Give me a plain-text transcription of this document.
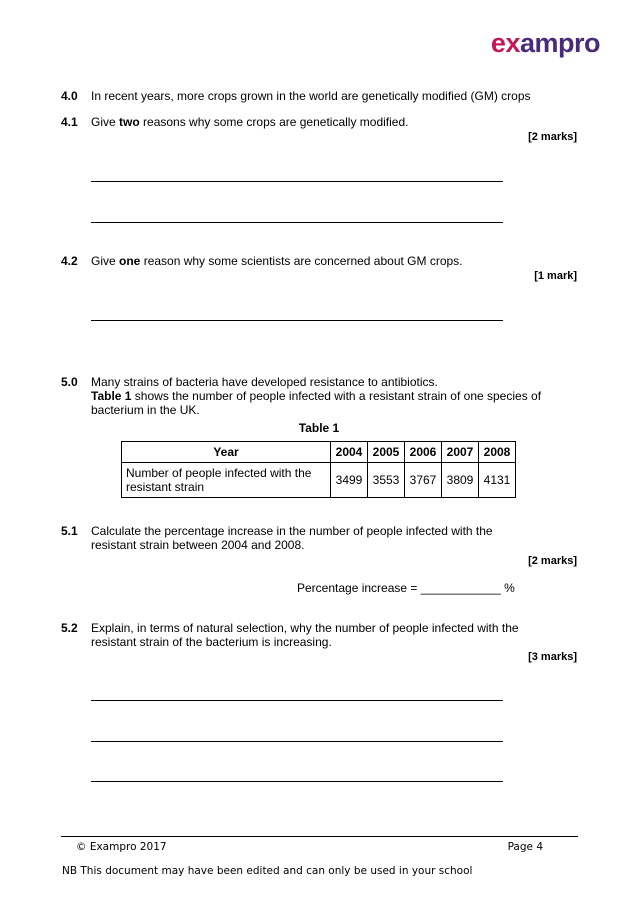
exampro
4.0 In recent years, more crops grown in the world are genetically modified (GM) crops
4.1 Give two reasons why some crops are genetically modified.
[2 marks]
4.2 Give one reason why some scientists are concerned about GM crops.
[1 mark]
5.0 Many strains of bacteria have developed resistance to antibiotics.
Table 1 shows the number of people infected with a resistant strain of one species of bacterium in the UK.
Table 1
Year	2004	2005	2006	2007	2008
Number of people infected with the resistant strain	3499	3553	3767	3809	4131
5.1 Calculate the percentage increase in the number of people infected with the resistant strain between 2004 and 2008.
[2 marks]
Percentage increase = ____________ %
5.2 Explain, in terms of natural selection, why the number of people infected with the resistant strain of the bacterium is increasing.
[3 marks]
© Exampro 2017	Page 4
NB This document may have been edited and can only be used in your school
